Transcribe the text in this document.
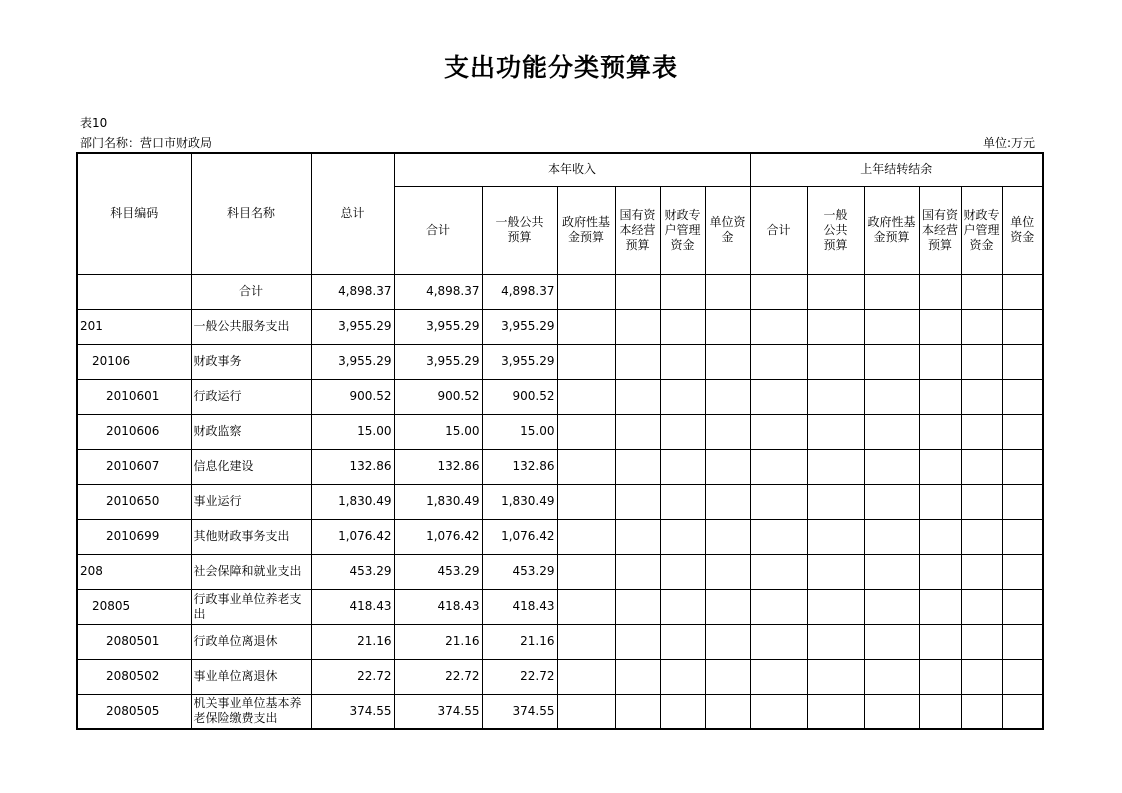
支出功能分类预算表
表10
部门名称：营口市财政局	单位:万元
科目编码	科目名称	总计	本年收入						上年结转结余					
			合计	一般公共预算	政府性基金预算	国有资本经营预算	财政专户管理资金	单位资金	合计	一般公共预算	政府性基金预算	国有资本经营预算	财政专户管理资金	单位资金
	合计	4,898.37	4,898.37	4,898.37										
201	一般公共服务支出	3,955.29	3,955.29	3,955.29										
20106	财政事务	3,955.29	3,955.29	3,955.29										
2010601	行政运行	900.52	900.52	900.52										
2010606	财政监察	15.00	15.00	15.00										
2010607	信息化建设	132.86	132.86	132.86										
2010650	事业运行	1,830.49	1,830.49	1,830.49										
2010699	其他财政事务支出	1,076.42	1,076.42	1,076.42										
208	社会保障和就业支出	453.29	453.29	453.29										
20805	行政事业单位养老支出	418.43	418.43	418.43										
2080501	行政单位离退休	21.16	21.16	21.16										
2080502	事业单位离退休	22.72	22.72	22.72										
2080505	机关事业单位基本养老保险缴费支出	374.55	374.55	374.55										
